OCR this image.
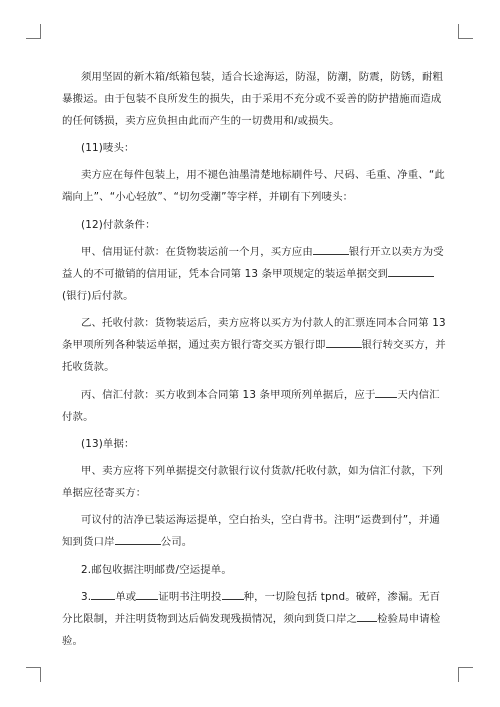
须用坚固的新木箱/纸箱包装，适合长途海运，防湿，防潮，防震，防锈，耐粗暴搬运。由于包装不良所发生的损失，由于采用不充分或不妥善的防护措施而造成的任何锈损，卖方应负担由此而产生的一切费用和/或损失。

(11)唛头：

卖方应在每件包装上，用不褪色油墨清楚地标刷件号、尺码、毛重、净重、“此端向上”、“小心轻放”、“切勿受潮”等字样，并刷有下列唛头：

(12)付款条件：

甲、信用证付款：在货物装运前一个月，买方应由	银行开立以卖方为受益人的不可撤销的信用证，凭本合同第 13 条甲项规定的装运单据交到(银行)后付款。

乙、托收付款：货物装运后，卖方应将以买方为付款人的汇票连同本合同第 13 条甲项所列各种装运单据，通过卖方银行寄交买方银行即	银行转交买方，并托收货款。

丙、信汇付款：买方收到本合同第 13 条甲项所列单据后，应于 天内信汇付款。

(13)单据：

甲、卖方应将下列单据提交付款银行议付货款/托收付款，如为信汇付款，下列单据应径寄买方：

可议付的洁净已装运海运提单，空白抬头，空白背书。注明“运费到付”，并通知到货口岸	公司。

2.邮包收据注明邮费/空运提单。

3. 单或 证明书注明投 种，一切险包括 tpnd。破碎，渗漏。无百分比限制，并注明货物到达后倘发现残损情况，须向到货口岸之 检验局申请检验。
